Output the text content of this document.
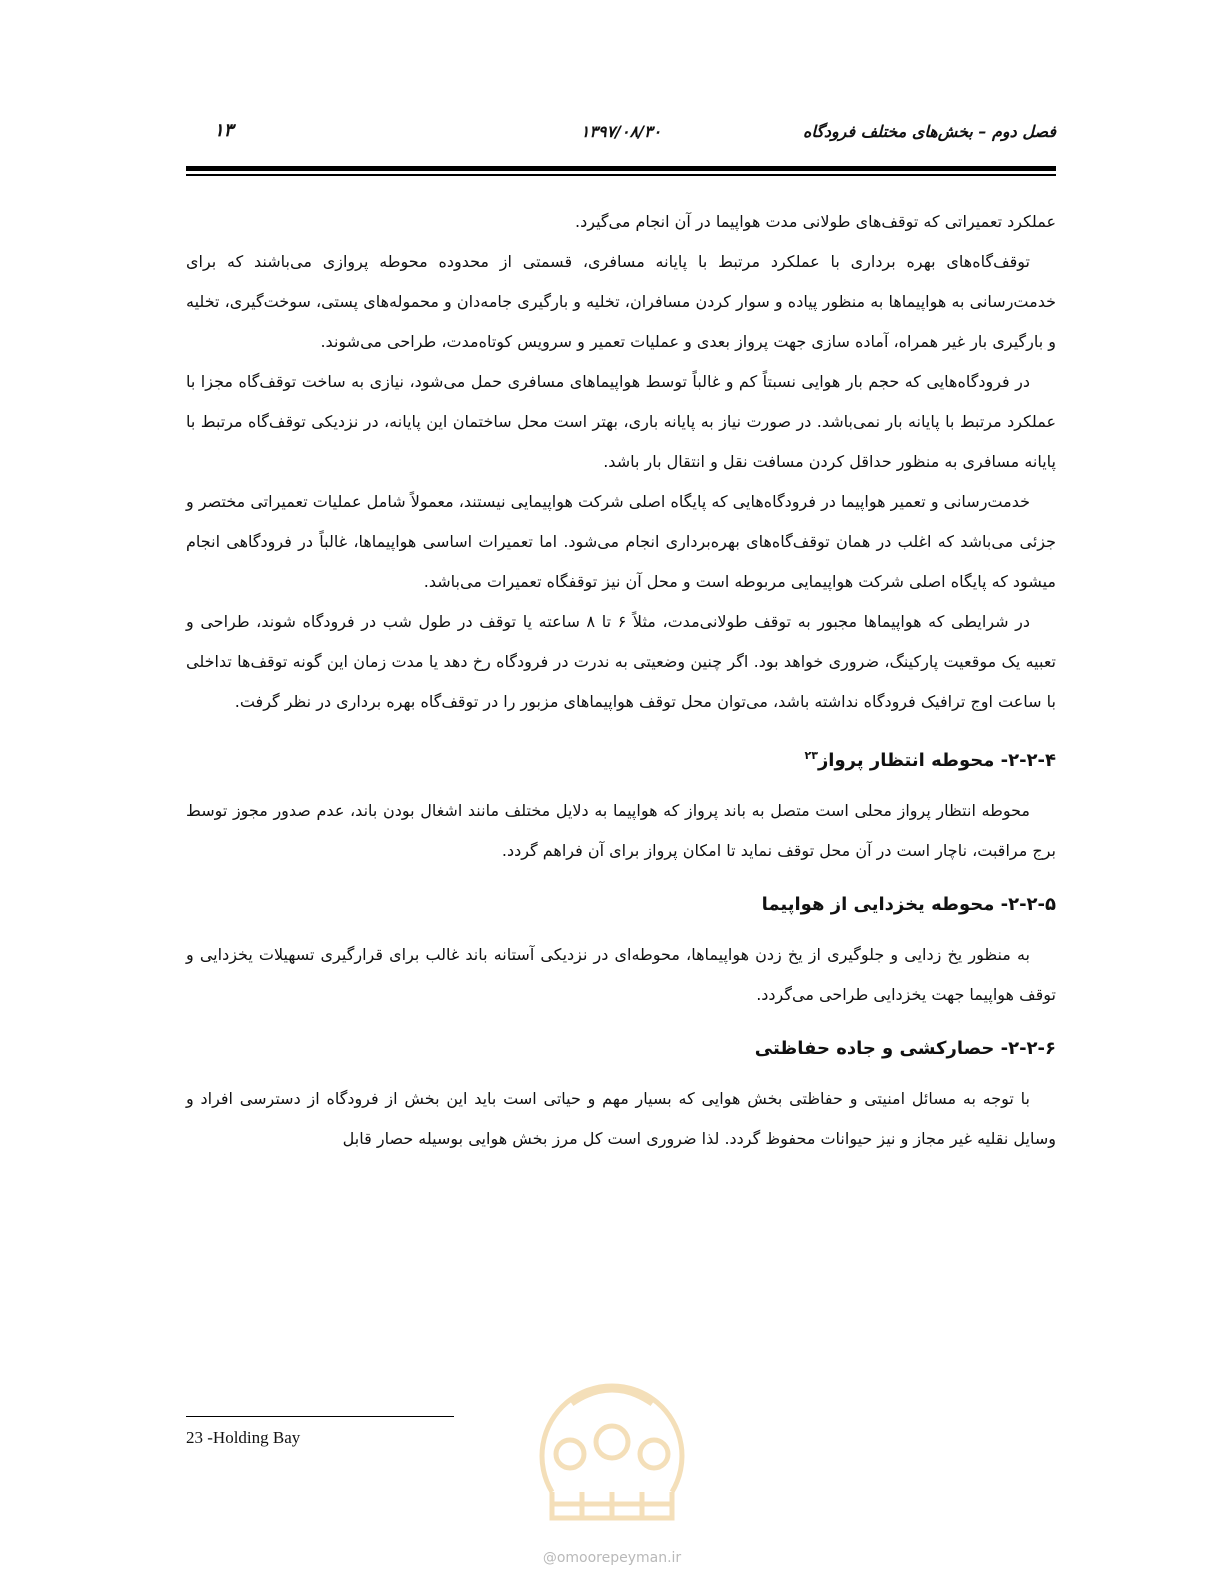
فصل دوم – بخش‌های مختلف فرودگاه
۱۳۹۷/۰۸/۳۰
۱۳

عملکرد تعمیراتی که توقف‌های طولانی مدت هواپیما در آن انجام می‌گیرد.

توقف‌گاه‌های بهره برداری با عملکرد مرتبط با پایانه مسافری، قسمتی از محدوده محوطه پروازی می‌باشند که برای خدمت‌رسانی به هواپیماها به منظور پیاده و سوار کردن مسافران، تخلیه و بارگیری جامه‌دان و محموله‌های پستی، سوخت‌گیری، تخلیه و بارگیری بار غیر همراه، آماده سازی جهت پرواز بعدی و عملیات تعمیر و سرویس کوتاه‌مدت، طراحی می‌شوند.

در فرودگاه‌هایی که حجم بار هوایی نسبتاً کم و غالباً توسط هواپیماهای مسافری حمل می‌شود، نیازی به ساخت توقف‌گاه مجزا با عملکرد مرتبط با پایانه بار نمی‌باشد. در صورت نیاز به پایانه باری، بهتر است محل ساختمان این پایانه، در نزدیکی توقف‌گاه مرتبط با پایانه مسافری به منظور حداقل کردن مسافت نقل و انتقال بار باشد.

خدمت‌رسانی و تعمیر هواپیما در فرودگاه‌هایی که پایگاه اصلی شرکت هواپیمایی نیستند، معمولاً شامل عملیات تعمیراتی مختصر و جزئی می‌باشد که اغلب در همان توقف‌گاه‌های بهره‌برداری انجام می‌شود. اما تعمیرات اساسی هواپیماها، غالباً در فرودگاهی انجام میشود که پایگاه اصلی شرکت هواپیمایی مربوطه است و محل آن نیز توقفگاه تعمیرات می‌باشد.

در شرایطی که هواپیماها مجبور به توقف طولانی‌مدت، مثلاً ۶ تا ۸ ساعته یا توقف در طول شب در فرودگاه شوند، طراحی و تعبیه یک موقعیت پارکینگ، ضروری خواهد بود. اگر چنین وضعیتی به ندرت در فرودگاه رخ دهد یا مدت زمان این گونه توقف‌ها تداخلی با ساعت اوج ترافیک فرودگاه نداشته باشد، می‌توان محل توقف هواپیماهای مزبور را در توقف‌گاه بهره برداری در نظر گرفت.

۲-۲-۴- محوطه انتظار پرواز$^{۲۳}$

محوطه انتظار پرواز محلی است متصل به باند پرواز که هواپیما به دلایل مختلف مانند اشغال بودن باند، عدم صدور مجوز توسط برج مراقبت، ناچار است در آن محل توقف نماید تا امکان پرواز برای آن فراهم گردد.

۲-۲-۵- محوطه یخزدایی از هواپیما

به منظور یخ زدایی و جلوگیری از یخ زدن هواپیماها، محوطه‌ای در نزدیکی آستانه باند غالب برای قرارگیری تسهیلات یخزدایی و توقف هواپیما جهت یخزدایی طراحی می‌گردد.

۲-۲-۶- حصارکشی و جاده حفاظتی

با توجه به مسائل امنیتی و حفاظتی بخش هوایی که بسیار مهم و حیاتی است باید این بخش از فرودگاه از دسترسی افراد و وسایل نقلیه غیر مجاز و نیز حیوانات محفوظ گردد. لذا ضروری است کل مرز بخش هوایی بوسیله حصار قابل

23 -Holding Bay
@omoorepeyman.ir
